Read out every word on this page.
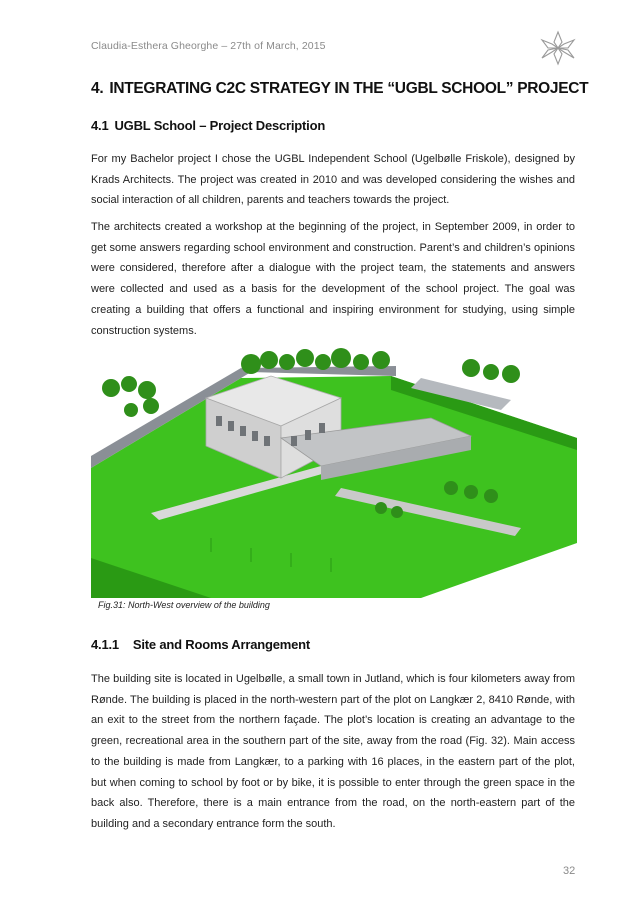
Claudia-Esthera Gheorghe – 27th of March, 2015
4. INTEGRATING C2C STRATEGY IN THE “UGBL SCHOOL” PROJECT
4.1 UGBL School – Project Description

For my Bachelor project I chose the UGBL Independent School (Ugelbølle Friskole), designed by Krads Architects. The project was created in 2010 and was developed considering the wishes and social interaction of all children, parents and teachers towards the project.

The architects created a workshop at the beginning of the project, in September 2009, in order to get some answers regarding school environment and construction. Parent’s and children’s opinions were considered, therefore after a dialogue with the project team, the statements and answers were collected and used as a basis for the development of the school project. The goal was creating a building that offers a functional and inspiring environment for studying, using simple construction systems.

Fig.31: North-West overview of the building
4.1.1 Site and Rooms Arrangement

The building site is located in Ugelbølle, a small town in Jutland, which is four kilometers away from Rønde. The building is placed in the north-western part of the plot on Langkær 2, 8410 Rønde, with an exit to the street from the northern façade. The plot’s location is creating an advantage to the green, recreational area in the southern part of the site, away from the road (Fig. 32). Main access to the building is made from Langkær, to a parking with 16 places, in the eastern part of the plot, but when coming to school by foot or by bike, it is possible to enter through the green space in the back also. Therefore, there is a main entrance from the road, on the north-eastern part of the building and a secondary entrance form the south.

32
